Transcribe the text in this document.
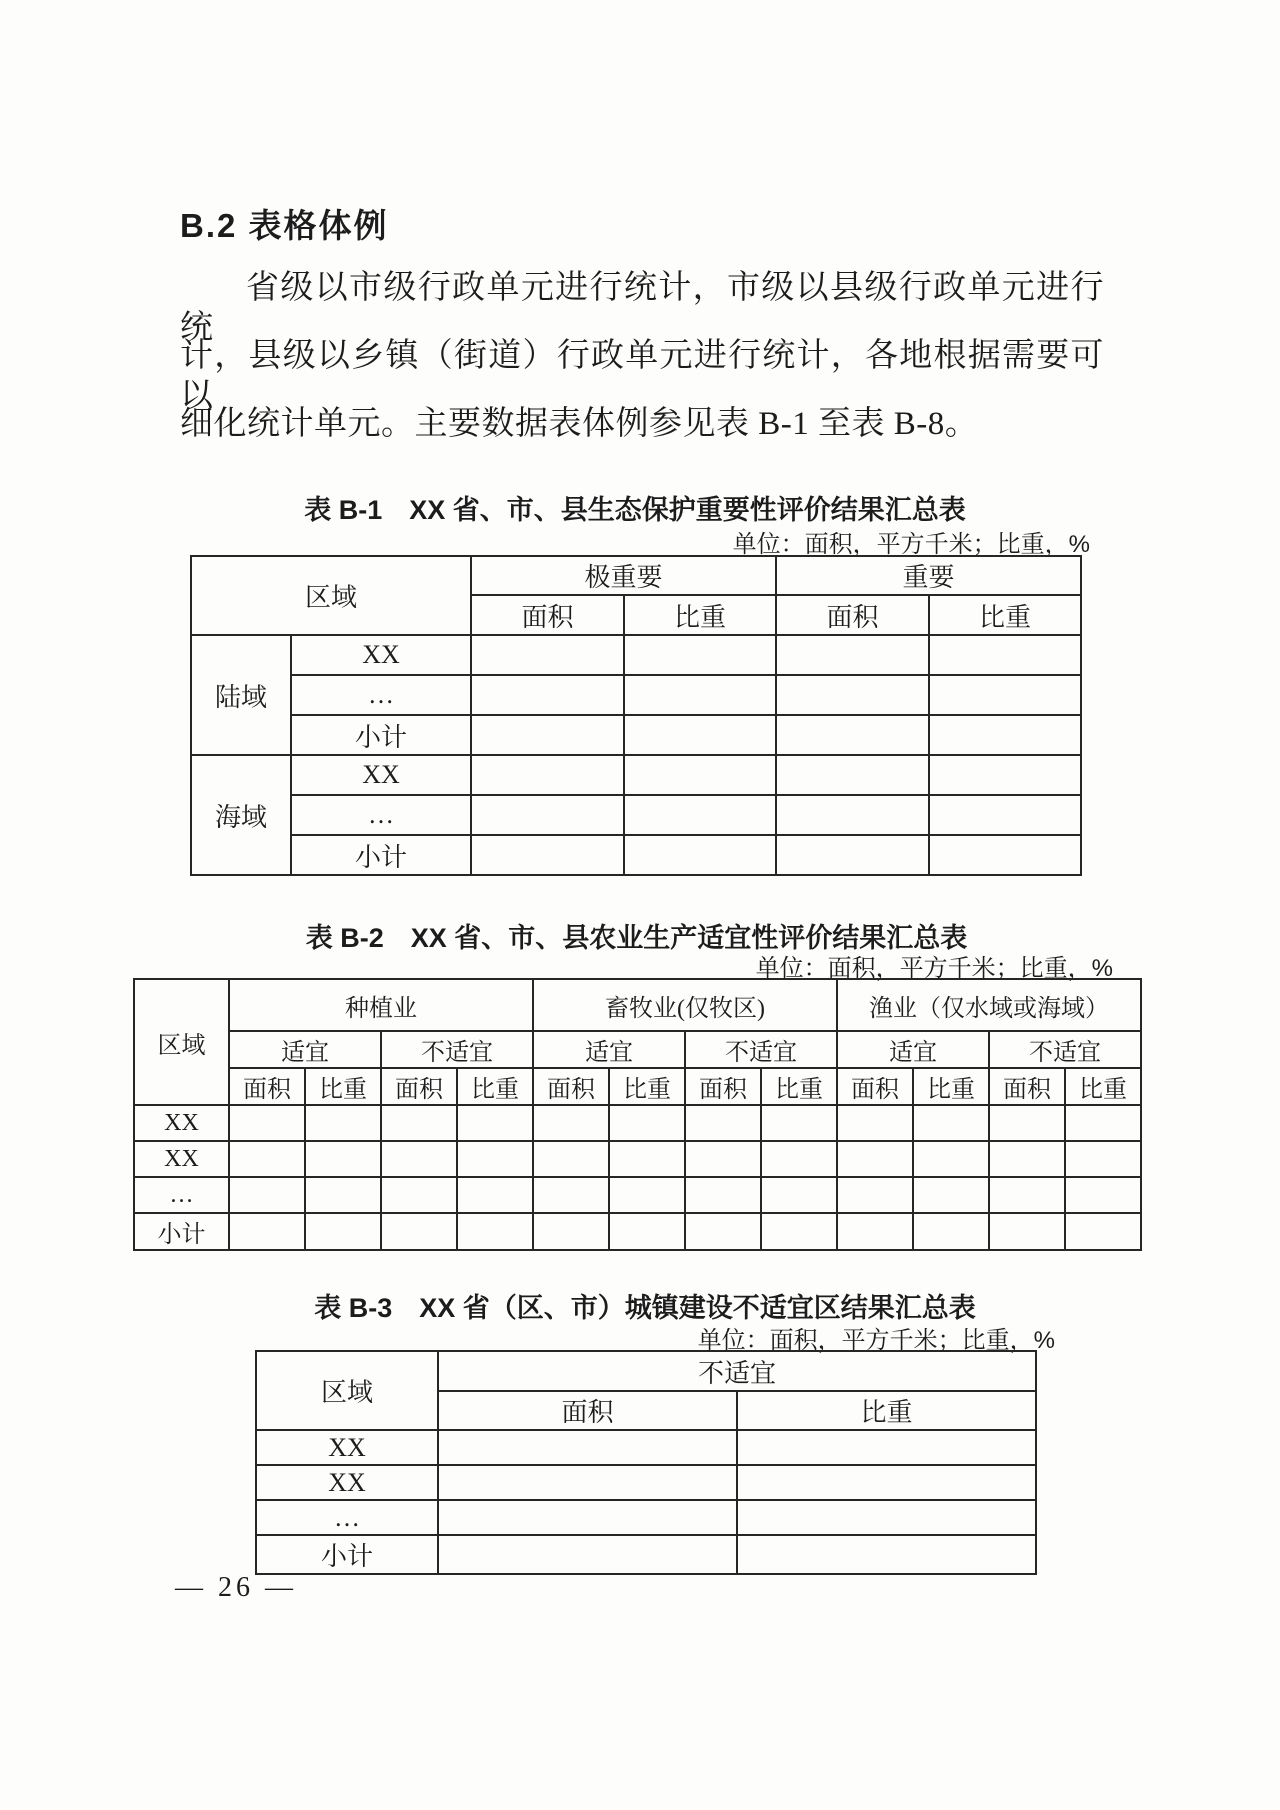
B.2 表格体例
省级以市级行政单元进行统计，市级以县级行政单元进行统
计，县级以乡镇（街道）行政单元进行统计，各地根据需要可以
细化统计单元。主要数据表体例参见表 B-1 至表 B-8。
表 B-1　XX 省、市、县生态保护重要性评价结果汇总表
单位：面积，平方千米；比重，%
区域		极重要		重要	
		面积	比重	面积	比重
陆域	XX				
	…				
	小计				
海域	XX				
	…				
	小计				
表 B-2　XX 省、市、县农业生产适宜性评价结果汇总表
单位：面积，平方千米；比重，%
区域	种植业				畜牧业(仅牧区)				渔业（仅水域或海域）			
	适宜		不适宜		适宜		不适宜		适宜		不适宜	
	面积	比重	面积	比重	面积	比重	面积	比重	面积	比重	面积	比重
XX												
XX												
…												
小计												
表 B-3　XX 省（区、市）城镇建设不适宜区结果汇总表
单位：面积，平方千米；比重，%
区域	不适宜	
	面积	比重
XX		
XX		
…		
小计		
— 26 —
